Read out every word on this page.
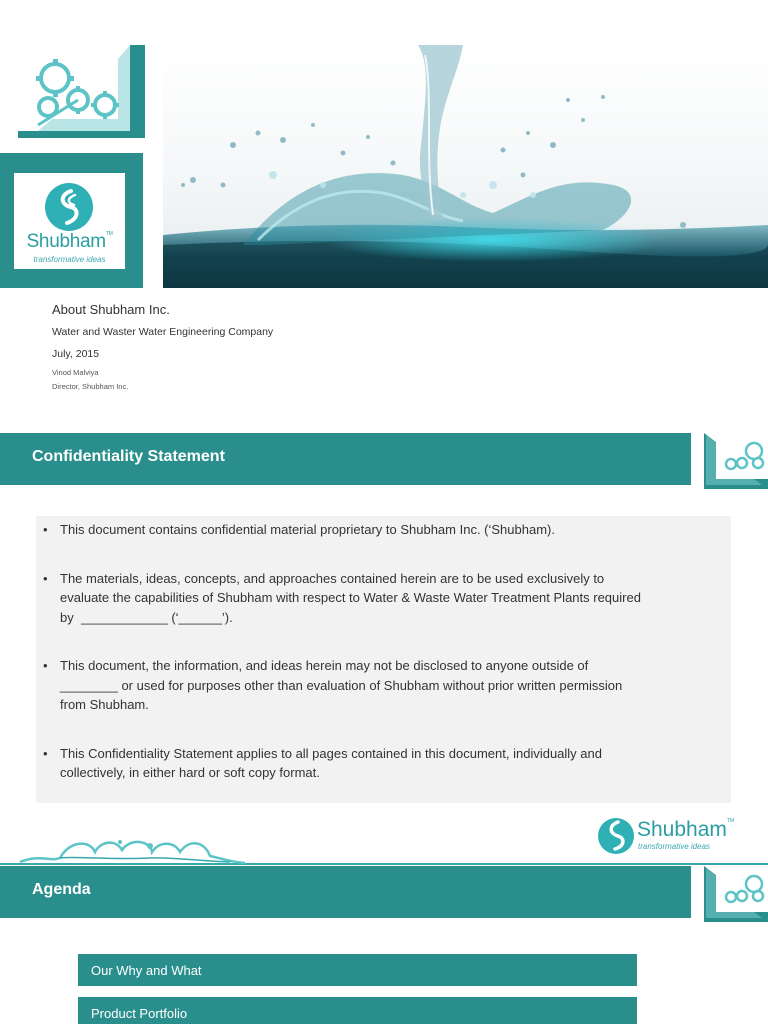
Shubham™
transformative ideas
About Shubham Inc.
Water and Waster Water Engineering Company
July, 2015
Vinod Malviya
Director, Shubham Inc.
Confidentiality Statement
• This document contains confidential material proprietary to Shubham Inc. (‘Shubham).
• The materials, ideas, concepts, and approaches contained herein are to be used exclusively to
evaluate the capabilities of Shubham with respect to Water & Waste Water Treatment Plants required
by  ____________ (‘______’).
• This document, the information, and ideas herein may not be disclosed to anyone outside of
________ or used for purposes other than evaluation of Shubham without prior written permission
from Shubham.
• This Confidentiality Statement applies to all pages contained in this document, individually and
collectively, in either hard or soft copy format.
Shubham™
transformative ideas
Agenda
Our Why and What
Product Portfolio
